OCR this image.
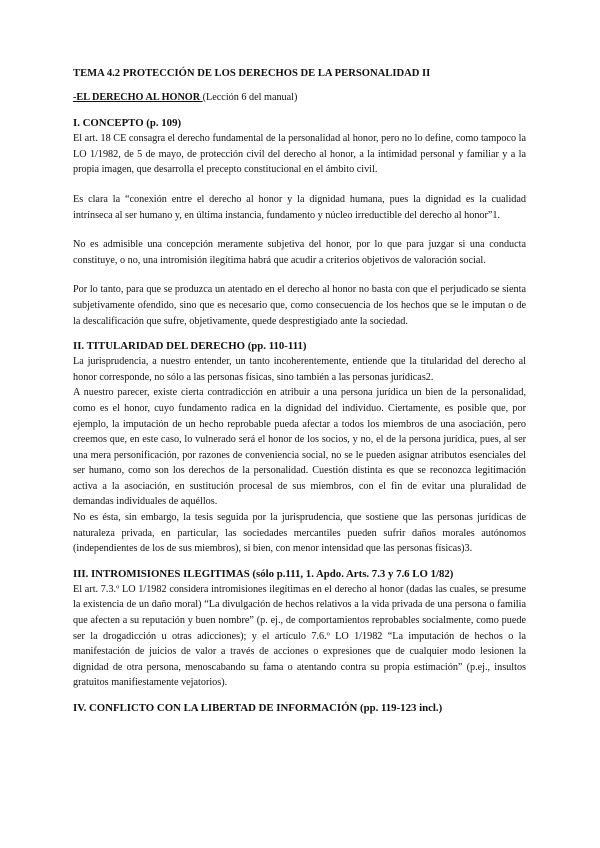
TEMA 4.2 PROTECCIÓN DE LOS DERECHOS DE LA PERSONALIDAD II
-EL DERECHO AL HONOR (Lección 6 del manual)
I. CONCEPTO (p. 109)

El art. 18 CE consagra el derecho fundamental de la personalidad al honor, pero no lo define, como tampoco la LO 1/1982, de 5 de mayo, de protección civil del derecho al honor, a la intimidad personal y familiar y a la propia imagen, que desarrolla el precepto constitucional en el ámbito civil.

Es clara la “conexión entre el derecho al honor y la dignidad humana, pues la dignidad es la cualidad intrínseca al ser humano y, en última instancia, fundamento y núcleo irreductible del derecho al honor”1.

No es admisible una concepción meramente subjetiva del honor, por lo que para juzgar si una conducta constituye, o no, una intromisión ilegítima habrá que acudir a criterios objetivos de valoración social.

Por lo tanto, para que se produzca un atentado en el derecho al honor no basta con que el perjudicado se sienta subjetivamente ofendido, sino que es necesario que, como consecuencia de los hechos que se le imputan o de la descalificación que sufre, objetivamente, quede desprestigiado ante la sociedad.

II. TITULARIDAD DEL DERECHO (pp. 110-111)

La jurisprudencia, a nuestro entender, un tanto incoherentemente, entiende que la titularidad del derecho al honor corresponde, no sólo a las personas físicas, sino también a las personas jurídicas2.

A nuestro parecer, existe cierta contradicción en atribuir a una persona jurídica un bien de la personalidad, como es el honor, cuyo fundamento radica en la dignidad del individuo. Ciertamente, es posible que, por ejemplo, la imputación de un hecho reprobable pueda afectar a todos los miembros de una asociación, pero creemos que, en este caso, lo vulnerado será el honor de los socios, y no, el de la persona jurídica, pues, al ser una mera personificación, por razones de conveniencia social, no se le pueden asignar atributos esenciales del ser humano, como son los derechos de la personalidad. Cuestión distinta es que se reconozca legitimación activa a la asociación, en sustitución procesal de sus miembros, con el fin de evitar una pluralidad de demandas individuales de aquéllos.

No es ésta, sin embargo, la tesis seguida por la jurisprudencia, que sostiene que las personas jurídicas de naturaleza privada, en particular, las sociedades mercantiles pueden sufrir daños morales autónomos (independientes de los de sus miembros), si bien, con menor intensidad que las personas físicas)3.

III. INTROMISIONES ILEGITIMAS (sólo p.111, 1. Apdo. Arts. 7.3 y 7.6 LO 1/82)

El art. 7.3.º LO 1/1982 considera intromisiones ilegítimas en el derecho al honor (dadas las cuales, se presume la existencia de un daño moral) “La divulgación de hechos relativos a la vida privada de una persona o familia que afecten a su reputación y buen nombre” (p. ej., de comportamientos reprobables socialmente, como puede ser la drogadicción u otras adicciones); y el artículo 7.6.º LO 1/1982 “La imputación de hechos o la manifestación de juicios de valor a través de acciones o expresiones que de cualquier modo lesionen la dignidad de otra persona, menoscabando su fama o atentando contra su propia estimación” (p.ej., insultos gratuitos manifiestamente vejatorios).

IV. CONFLICTO CON LA LIBERTAD DE INFORMACIÓN (pp. 119-123 incl.)
